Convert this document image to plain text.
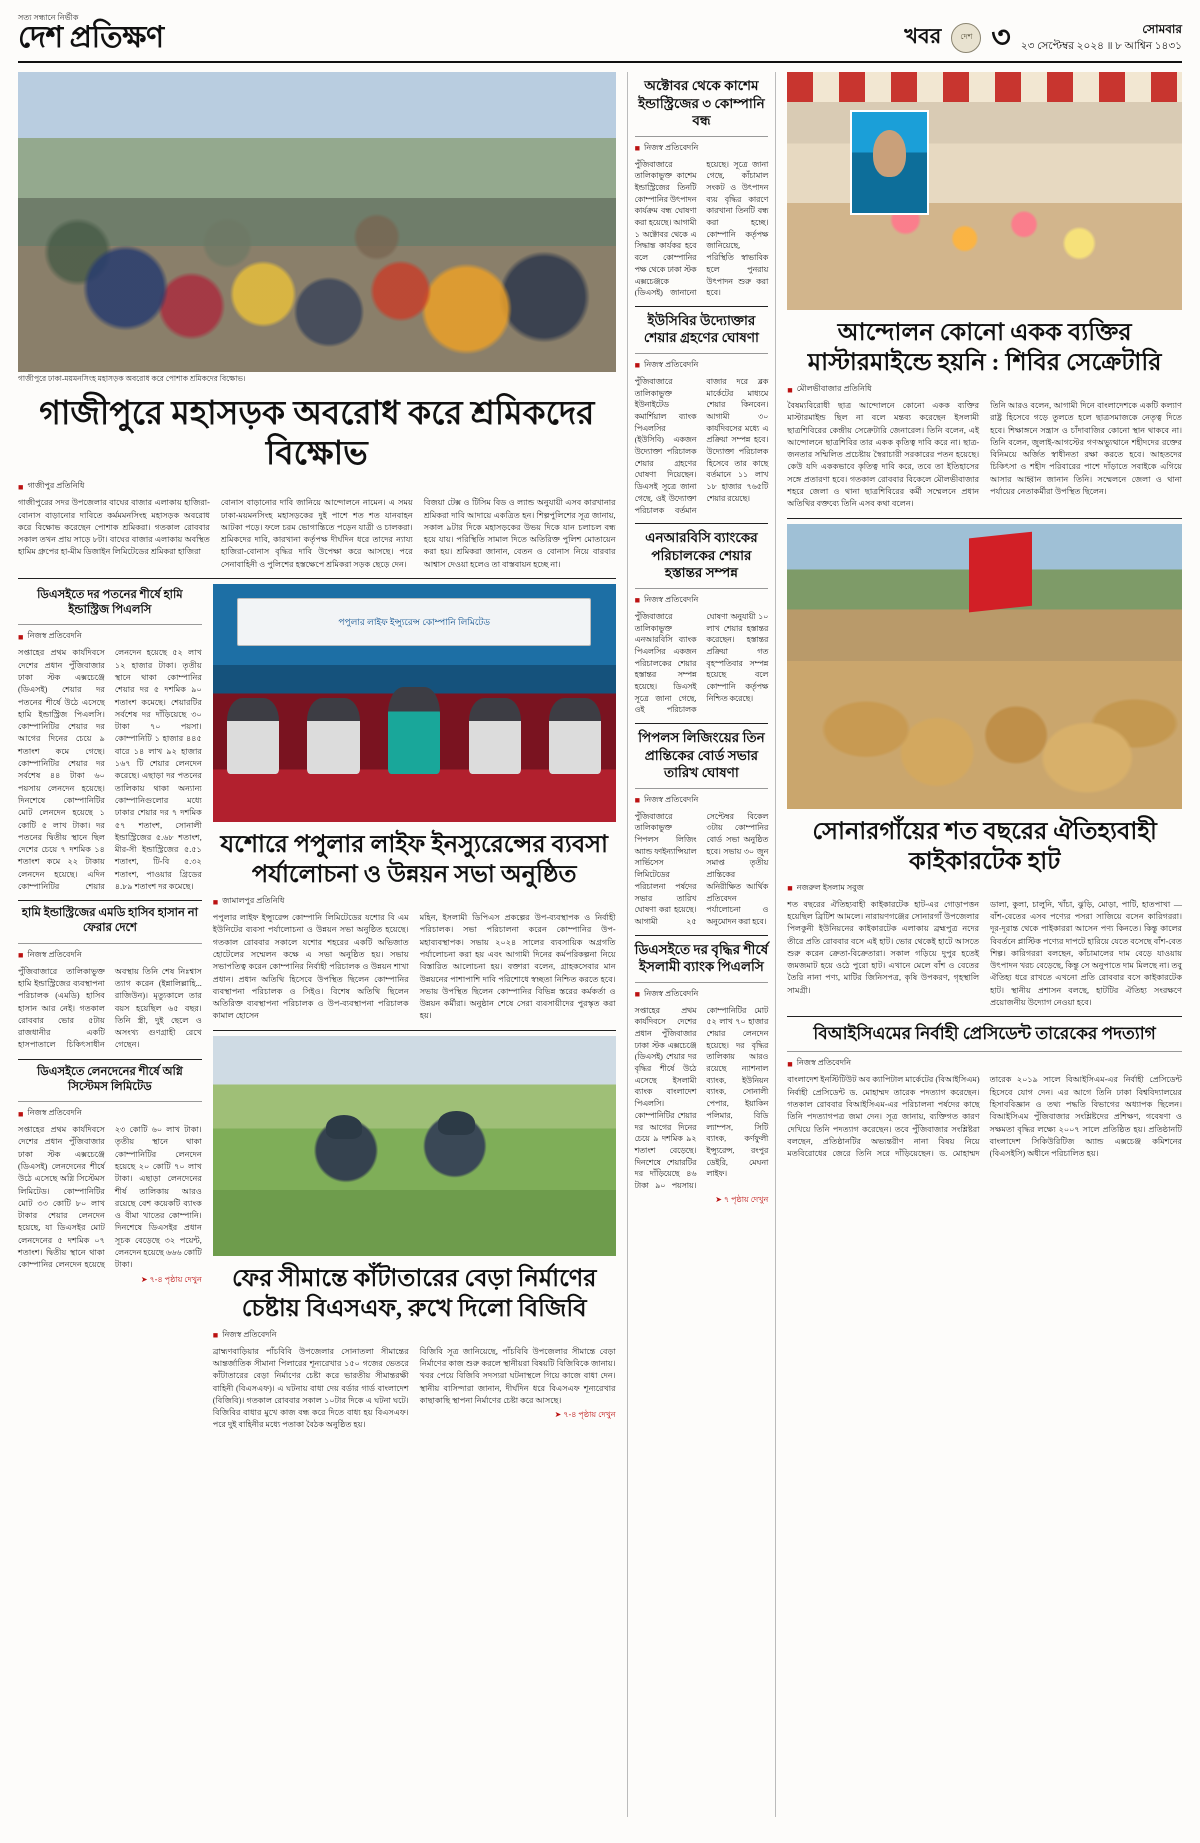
সত্য সন্ধানে নির্ভীক
দেশ প্রতিক্ষণ	খবর	দেশ ৩	সোমবার
২৩ সেপ্টেম্বর ২০২৪ ॥ ৮ আশ্বিন ১৪৩১
গাজীপুরে ঢাকা-ময়মনসিংহ মহাসড়ক অবরোধ করে পোশাক শ্রমিকদের বিক্ষোভ।
গাজীপুরে মহাসড়ক অবরোধ করে শ্রমিকদের বিক্ষোভ
■ গাজীপুর প্রতিনিধি
গাজীপুরের সদর উপজেলার বাঘের বাজার এলাকায় হাজিরা-বোনাস বাড়ানোর দাবিতে কর্মমমনসিংহ মহাসড়ক অবরোধ করে বিক্ষোভ করেছেন পোশাক শ্রমিকরা। গতকাল রোববার সকাল তখন প্রায় সাড়ে ৮টা। বাঘের বাজার এলাকায় অবস্থিত হামিম গ্রুপের হা-মীম ডিজাইন লিমিটেডের শ্রমিকরা হাজিরা
বোনাস বাড়ানোর দাবি জানিয়ে আন্দোলনে নামেন। এ সময় ঢাকা-ময়মনসিংহ মহাসড়কের দুই পাশে শত শত যানবাহন আটকা পড়ে। ফলে চরম ভোগান্তিতে পড়েন যাত্রী ও চালকরা। শ্রমিকদের দাবি, কারখানা কর্তৃপক্ষ দীর্ঘদিন ধরে তাদের ন্যায্য হাজিরা-বোনাস বৃদ্ধির দাবি উপেক্ষা করে আসছে। পরে সেনাবাহিনী ও পুলিশের হস্তক্ষেপে শ্রমিকরা সড়ক ছেড়ে দেন।
বিজয়া টেক্স ও টিসিম বিড ও ল্যান্ড অনুযায়ী এসব কারখানার শ্রমিকরা দাবি আদায়ে একত্রিত হন। শিল্পপুলিশের সূত্র জানায়, সকাল ৯টার দিকে মহাসড়কের উভয় দিকে যান চলাচল বন্ধ হয়ে যায়। পরিস্থিতি সামাল দিতে অতিরিক্ত পুলিশ মোতায়েন করা হয়। শ্রমিকরা জানান, বেতন ও বোনাস নিয়ে বারবার আশ্বাস দেওয়া হলেও তা বাস্তবায়ন হচ্ছে না।
ডিএসইতে দর পতনের শীর্ষে হামি ইন্ডাস্ট্রিজ পিএলসি
■ নিজস্ব প্রতিবেদনি
সপ্তাহের প্রথম কার্যদিবসে দেশের প্রধান পুঁজিবাজার ঢাকা স্টক এক্সচেঞ্জে (ডিএসই) শেয়ার দর পতনের শীর্ষে উঠে এসেছে হামি ইন্ডাস্ট্রিজ পিএলসি। কোম্পানিটির শেয়ার দর আগের দিনের চেয়ে ৯ শতাংশ কমে গেছে। কোম্পানিটির শেয়ার দর সর্বশেষ ৪৪ টাকা ৬০ পয়সায় লেনদেন হয়েছে। দিনশেষে কোম্পানিটির মোট লেনদেন হয়েছে ১ কোটি ৫ লাখ টাকা। দর পতনের দ্বিতীয় স্থানে ছিল দেশের চেয়ে ৭ দশমিক ১৪ শতাংশ কমে ২২ টাকায় লেনদেন হয়েছে। এদিন কোম্পানিটির শেয়ার লেনদেন হয়েছে ৫২ লাখ ১২ হাজার টাকা। তৃতীয় স্থানে থাকা কোম্পানির শেয়ার দর ৫ দশমিক ৯০ শতাংশ কমেছে। শেয়ারটির সর্বশেষ দর দাঁড়িয়েছে ৩০ টাকা ৭০ পয়সা। কোম্পানিটি ১ হাজার ৪৪৫ বারে ১৪ লাখ ৯২ হাজার ১৬৭ টি শেয়ার লেনদেন করেছে। এছাড়া দর পতনের তালিকায় থাকা অন্যান্য কোম্পানিগুলোর মধ্যে ঢাকার শেয়ার দর ৭ দশমিক ৫৭ শতাংশ, সোনালী ইন্ডাস্ট্রিজের ৫.৬৮ শতাংশ, মীর-সী ইন্ডাস্ট্রিজের ৫.৫১ শতাংশ, টি-বি ৫.৩২ শতাংশ, পাওয়ার গ্রিডের ৪.৮৯ শতাংশ দর কমেছে।
হামি ইন্ডাস্ট্রিজের এমডি হাসিব হাসান না ফেরার দেশে
■ নিজস্ব প্রতিবেদনি
পুঁজিবাজারে তালিকাভুক্ত হামি ইন্ডাস্ট্রিজের ব্যবস্থাপনা পরিচালক (এমডি) হাসিব হাসান আর নেই। গতকাল রোববার ভোর ৫টায় রাজধানীর একটি হাসপাতালে চিকিৎসাধীন অবস্থায় তিনি শেষ নিঃশ্বাস ত্যাগ করেন (ইন্নালিল্লাহি... রাজিউন)। মৃত্যুকালে তার বয়স হয়েছিল ৬৫ বছর। তিনি স্ত্রী, দুই ছেলে ও অসংখ্য গুণগ্রাহী রেখে গেছেন।
ডিএসইতে লেনদেনের শীর্ষে অগ্নি সিস্টেমস লিমিটেড
■ নিজস্ব প্রতিবেদনি
সপ্তাহের প্রথম কার্যদিবসে দেশের প্রধান পুঁজিবাজার ঢাকা স্টক এক্সচেঞ্জে (ডিএসই) লেনদেনের শীর্ষে উঠে এসেছে অগ্নি সিস্টেমস লিমিটেড। কোম্পানিটির মোট ৩৩ কোটি ৮০ লাখ টাকার শেয়ার লেনদেন হয়েছে, যা ডিএসইর মোট লেনদেনের ৫ দশমিক ০৭ শতাংশ। দ্বিতীয় স্থানে থাকা কোম্পানির লেনদেন হয়েছে ২৩ কোটি ৬০ লাখ টাকা। তৃতীয় স্থানে থাকা কোম্পানিটির লেনদেন হয়েছে ২০ কোটি ৭০ লাখ টাকা। এছাড়া লেনদেনের শীর্ষ তালিকায় আরও রয়েছে বেশ কয়েকটি ব্যাংক ও বীমা খাতের কোম্পানি। দিনশেষে ডিএসইর প্রধান সূচক বেড়েছে ৩২ পয়েন্ট, লেনদেন হয়েছে ৬৬৬ কোটি টাকা।
➤ ৭-৪ পৃষ্ঠায় দেখুন
পপুলার লাইফ ইন্স্যুরেন্স কোম্পানি লিমিটেড
যশোরে পপুলার লাইফ ইনস্যুরেন্সের ব্যবসা পর্যালোচনা ও উন্নয়ন সভা অনুষ্ঠিত
■ জামালপুর প্রতিনিধি
পপুলার লাইফ ইন্স্যুরেন্স কোম্পানি লিমিটেডের যশোর বি এম ইউনিটের ব্যবসা পর্যালোচনা ও উন্নয়ন সভা অনুষ্ঠিত হয়েছে। গতকাল রোববার সকালে যশোর শহরের একটি অভিজাত হোটেলের সম্মেলন কক্ষে এ সভা অনুষ্ঠিত হয়। সভায় সভাপতিত্ব করেন কোম্পানির নির্বাহী পরিচালক ও উন্নয়ন শাখা প্রধান। প্রধান অতিথি হিসেবে উপস্থিত ছিলেন কোম্পানির ব্যবস্থাপনা পরিচালক ও সিইও। বিশেষ অতিথি ছিলেন অতিরিক্ত ব্যবস্থাপনা পরিচালক ও উপ-ব্যবস্থাপনা পরিচালক কামাল হোসেন
মহিন, ইসলামী ডিপিএস প্রকল্পের উপ-ব্যবস্থাপক ও নির্বাহী পরিচালক। সভা পরিচালনা করেন কোম্পানির উপ-মহাব্যবস্থাপক। সভায় ২০২৪ সালের ব্যবসায়িক অগ্রগতি পর্যালোচনা করা হয় এবং আগামী দিনের কর্মপরিকল্পনা নিয়ে বিস্তারিত আলোচনা হয়। বক্তারা বলেন, গ্রাহকসেবার মান উন্নয়নের পাশাপাশি দাবি পরিশোধে স্বচ্ছতা নিশ্চিত করতে হবে। সভায় উপস্থিত ছিলেন কোম্পানির বিভিন্ন স্তরের কর্মকর্তা ও উন্নয়ন কর্মীরা। অনুষ্ঠান শেষে সেরা ব্যবসায়ীদের পুরস্কৃত করা হয়।
ফের সীমান্তে কাঁটাতারের বেড়া নির্মাণের চেষ্টায় বিএসএফ, রুখে দিলো বিজিবি
■ নিজস্ব প্রতিবেদনি
ব্রাহ্মণবাড়িয়ার পাঁচবিবি উপজেলার সোনাতলা সীমান্তের আন্তর্জাতিক সীমানা পিলারের শূন্যরেখার ১৫০ গজের ভেতরে কাঁটাতারের বেড়া নির্মাণের চেষ্টা করে ভারতীয় সীমান্তরক্ষী বাহিনী (বিএসএফ)। এ ঘটনায় বাধা দেয় বর্ডার গার্ড বাংলাদেশ (বিজিবি)। গতকাল রোববার সকাল ১০টার দিকে এ ঘটনা ঘটে। বিজিবির বাধার মুখে কাজ বন্ধ করে দিতে বাধ্য হয় বিএসএফ। পরে দুই বাহিনীর মধ্যে পতাকা বৈঠক অনুষ্ঠিত হয়।
বিজিবি সূত্র জানিয়েছে, পাঁচবিবি উপজেলার সীমান্তে বেড়া নির্মাণের কাজ শুরু করলে স্থানীয়রা বিষয়টি বিজিবিকে জানায়। খবর পেয়ে বিজিবি সদস্যরা ঘটনাস্থলে গিয়ে কাজে বাধা দেন। স্থানীয় বাসিন্দারা জানান, দীর্ঘদিন ধরে বিএসএফ শূন্যরেখার কাছাকাছি স্থাপনা নির্মাণের চেষ্টা করে আসছে।
➤ ৭-৪ পৃষ্ঠায় দেখুন
অক্টোবর থেকে কাশেম ইন্ডাস্ট্রিজের ৩ কোম্পানি বন্ধ
■ নিজস্ব প্রতিবেদনি
পুঁজিবাজারে তালিকাভুক্ত কাশেম ইন্ডাস্ট্রিজের তিনটি কোম্পানির উৎপাদন কার্যক্রম বন্ধ ঘোষণা করা হয়েছে। আগামী ১ অক্টোবর থেকে এ সিদ্ধান্ত কার্যকর হবে বলে কোম্পানির পক্ষ থেকে ঢাকা স্টক এক্সচেঞ্জকে (ডিএসই) জানানো হয়েছে। সূত্রে জানা গেছে, কাঁচামাল সংকট ও উৎপাদন ব্যয় বৃদ্ধির কারণে কারখানা তিনটি বন্ধ করা হচ্ছে। কোম্পানি কর্তৃপক্ষ জানিয়েছে, পরিস্থিতি স্বাভাবিক হলে পুনরায় উৎপাদন শুরু করা হবে।
ইউসিবির উদ্যোক্তার শেয়ার গ্রহণের ঘোষণা
■ নিজস্ব প্রতিবেদনি
পুঁজিবাজারে তালিকাভুক্ত ইউনাইটেড কমার্শিয়াল ব্যাংক পিএলসির (ইউসিবি) একজন উদ্যোক্তা পরিচালক শেয়ার গ্রহণের ঘোষণা দিয়েছেন। ডিএসই সূত্রে জানা গেছে, ওই উদ্যোক্তা পরিচালক বর্তমান বাজার দরে ব্লক মার্কেটের মাধ্যমে শেয়ার কিনবেন। আগামী ৩০ কার্যদিবসের মধ্যে এ প্রক্রিয়া সম্পন্ন হবে। উদ্যোক্তা পরিচালক হিসেবে তার কাছে বর্তমানে ১১ লাখ ১৮ হাজার ৭৬৫টি শেয়ার রয়েছে।
এনআরবিসি ব্যাংকের পরিচালকের শেয়ার হস্তান্তর সম্পন্ন
■ নিজস্ব প্রতিবেদনি
পুঁজিবাজারে তালিকাভুক্ত এনআরবিসি ব্যাংক পিএলসির একজন পরিচালকের শেয়ার হস্তান্তর সম্পন্ন হয়েছে। ডিএসই সূত্রে জানা গেছে, ওই পরিচালক ঘোষণা অনুযায়ী ১০ লাখ শেয়ার হস্তান্তর করেছেন। হস্তান্তর প্রক্রিয়া গত বৃহস্পতিবার সম্পন্ন হয়েছে বলে কোম্পানি কর্তৃপক্ষ নিশ্চিত করেছে।
পিপলস লিজিংয়ের তিন প্রান্তিকের বোর্ড সভার তারিখ ঘোষণা
■ নিজস্ব প্রতিবেদনি
পুঁজিবাজারে তালিকাভুক্ত পিপলস লিজিং অ্যান্ড ফাইন্যান্সিয়াল সার্ভিসেস লিমিটেডের পরিচালনা পর্ষদের সভার তারিখ ঘোষণা করা হয়েছে। আগামী ২৫ সেপ্টেম্বর বিকেল ৩টায় কোম্পানির বোর্ড সভা অনুষ্ঠিত হবে। সভায় ৩০ জুন সমাপ্ত তৃতীয় প্রান্তিকের অনিরীক্ষিত আর্থিক প্রতিবেদন পর্যালোচনা ও অনুমোদন করা হবে।
ডিএসইতে দর বৃদ্ধির শীর্ষে ইসলামী ব্যাংক পিএলসি
■ নিজস্ব প্রতিবেদনি
সপ্তাহের প্রথম কার্যদিবসে দেশের প্রধান পুঁজিবাজার ঢাকা স্টক এক্সচেঞ্জে (ডিএসই) শেয়ার দর বৃদ্ধির শীর্ষে উঠে এসেছে ইসলামী ব্যাংক বাংলাদেশ পিএলসি। কোম্পানিটির শেয়ার দর আগের দিনের চেয়ে ৯ দশমিক ৯২ শতাংশ বেড়েছে। দিনশেষে শেয়ারটির দর দাঁড়িয়েছে ৪৬ টাকা ৯০ পয়সায়। কোম্পানিটির মোট ৫২ লাখ ৭০ হাজার শেয়ার লেনদেন হয়েছে। দর বৃদ্ধির তালিকায় আরও রয়েছে ন্যাশনাল ব্যাংক, ইউনিয়ন ব্যাংক, সোনালী পেপার, ইয়াকিন পলিমার, বিডি ল্যাম্পস, সিটি ব্যাংক, কর্ণফুলী ইন্স্যুরেন্স, রংপুর ডেইরি, মেঘনা লাইফ।
➤ ৭ পৃষ্ঠায় দেখুন
আন্দোলন কোনো একক ব্যক্তির মাস্টারমাইন্ডে হয়নি : শিবির সেক্রেটারি
■ মৌলভীবাজার প্রতিনিধি
বৈষম্যবিরোধী ছাত্র আন্দোলনে কোনো একক ব্যক্তির মাস্টারমাইন্ড ছিল না বলে মন্তব্য করেছেন ইসলামী ছাত্রশিবিরের কেন্দ্রীয় সেক্রেটারি জেনারেল। তিনি বলেন, এই আন্দোলনে ছাত্রশিবির তার একক কৃতিত্ব দাবি করে না। ছাত্র-জনতার সম্মিলিত প্রচেষ্টায় স্বৈরাচারী সরকারের পতন হয়েছে। কেউ যদি এককভাবে কৃতিত্ব দাবি করে, তবে তা ইতিহাসের সঙ্গে প্রতারণা হবে। গতকাল রোববার বিকেলে মৌলভীবাজার শহরে জেলা ও থানা ছাত্রশিবিরের কর্মী সম্মেলনে প্রধান অতিথির বক্তব্যে তিনি এসব কথা বলেন।
তিনি আরও বলেন, আগামী দিনে বাংলাদেশকে একটি কল্যাণ রাষ্ট্র হিসেবে গড়ে তুলতে হলে ছাত্রসমাজকে নেতৃত্ব দিতে হবে। শিক্ষাঙ্গনে সন্ত্রাস ও চাঁদাবাজির কোনো স্থান থাকবে না। তিনি বলেন, জুলাই-আগস্টের গণঅভ্যুত্থানে শহীদদের রক্তের বিনিময়ে অর্জিত স্বাধীনতা রক্ষা করতে হবে। আহতদের চিকিৎসা ও শহীদ পরিবারের পাশে দাঁড়াতে সবাইকে এগিয়ে আসার আহ্বান জানান তিনি। সম্মেলনে জেলা ও থানা পর্যায়ের নেতাকর্মীরা উপস্থিত ছিলেন।
সোনারগাঁয়ের শত বছরের ঐতিহ্যবাহী কাইকারটেক হাট
■ নজরুল ইসলাম সবুজ
শত বছরের ঐতিহ্যবাহী কাইকারটেক হাট-এর গোড়াপত্তন হয়েছিল ব্রিটিশ আমলে। নারায়ণগঞ্জের সোনারগাঁ উপজেলার পিলকুনী ইউনিয়নের কাইকারটেক এলাকায় ব্রহ্মপুত্র নদের তীরে প্রতি রোববার বসে এই হাট। ভোর থেকেই হাটে আসতে শুরু করেন ক্রেতা-বিক্রেতারা। সকাল গড়িয়ে দুপুর হতেই জমজমাট হয়ে ওঠে পুরো হাট। এখানে মেলে বাঁশ ও বেতের তৈরি নানা পণ্য, মাটির জিনিসপত্র, কৃষি উপকরণ, গৃহস্থালি সামগ্রী।
ডালা, কুলা, চালুনি, খাঁচা, ঝুড়ি, মোড়া, পাটি, হাতপাখা — বাঁশ-বেতের এসব পণ্যের পসরা সাজিয়ে বসেন কারিগররা। দূর-দূরান্ত থেকে পাইকাররা আসেন পণ্য কিনতে। কিন্তু কালের বিবর্তনে প্লাস্টিক পণ্যের দাপটে হারিয়ে যেতে বসেছে বাঁশ-বেত শিল্প। কারিগররা বলছেন, কাঁচামালের দাম বেড়ে যাওয়ায় উৎপাদন খরচ বেড়েছে, কিন্তু সে অনুপাতে দাম মিলছে না। তবু ঐতিহ্য ধরে রাখতে এখনো প্রতি রোববার বসে কাইকারটেক হাট। স্থানীয় প্রশাসন বলছে, হাটটির ঐতিহ্য সংরক্ষণে প্রয়োজনীয় উদ্যোগ নেওয়া হবে।
বিআইসিএমের নির্বাহী প্রেসিডেন্ট তারেকের পদত্যাগ
■ নিজস্ব প্রতিবেদনি
বাংলাদেশ ইনস্টিটিউট অব ক্যাপিটাল মার্কেটের (বিআইসিএম) নির্বাহী প্রেসিডেন্ট ড. মোহাম্মদ তারেক পদত্যাগ করেছেন। গতকাল রোববার বিআইসিএম-এর পরিচালনা পর্ষদের কাছে তিনি পদত্যাগপত্র জমা দেন। সূত্র জানায়, ব্যক্তিগত কারণ দেখিয়ে তিনি পদত্যাগ করেছেন। তবে পুঁজিবাজার সংশ্লিষ্টরা বলছেন, প্রতিষ্ঠানটির অভ্যন্তরীণ নানা বিষয় নিয়ে মতবিরোধের জেরে তিনি সরে দাঁড়িয়েছেন। ড. মোহাম্মদ তারেক ২০১৯ সালে বিআইসিএম-এর নির্বাহী প্রেসিডেন্ট হিসেবে যোগ দেন। এর আগে তিনি ঢাকা বিশ্ববিদ্যালয়ের হিসাববিজ্ঞান ও তথ্য পদ্ধতি বিভাগের অধ্যাপক ছিলেন। বিআইসিএম পুঁজিবাজার সংশ্লিষ্টদের প্রশিক্ষণ, গবেষণা ও সক্ষমতা বৃদ্ধির লক্ষ্যে ২০০৭ সালে প্রতিষ্ঠিত হয়। প্রতিষ্ঠানটি বাংলাদেশ সিকিউরিটিজ অ্যান্ড এক্সচেঞ্জ কমিশনের (বিএসইসি) অধীনে পরিচালিত হয়।
